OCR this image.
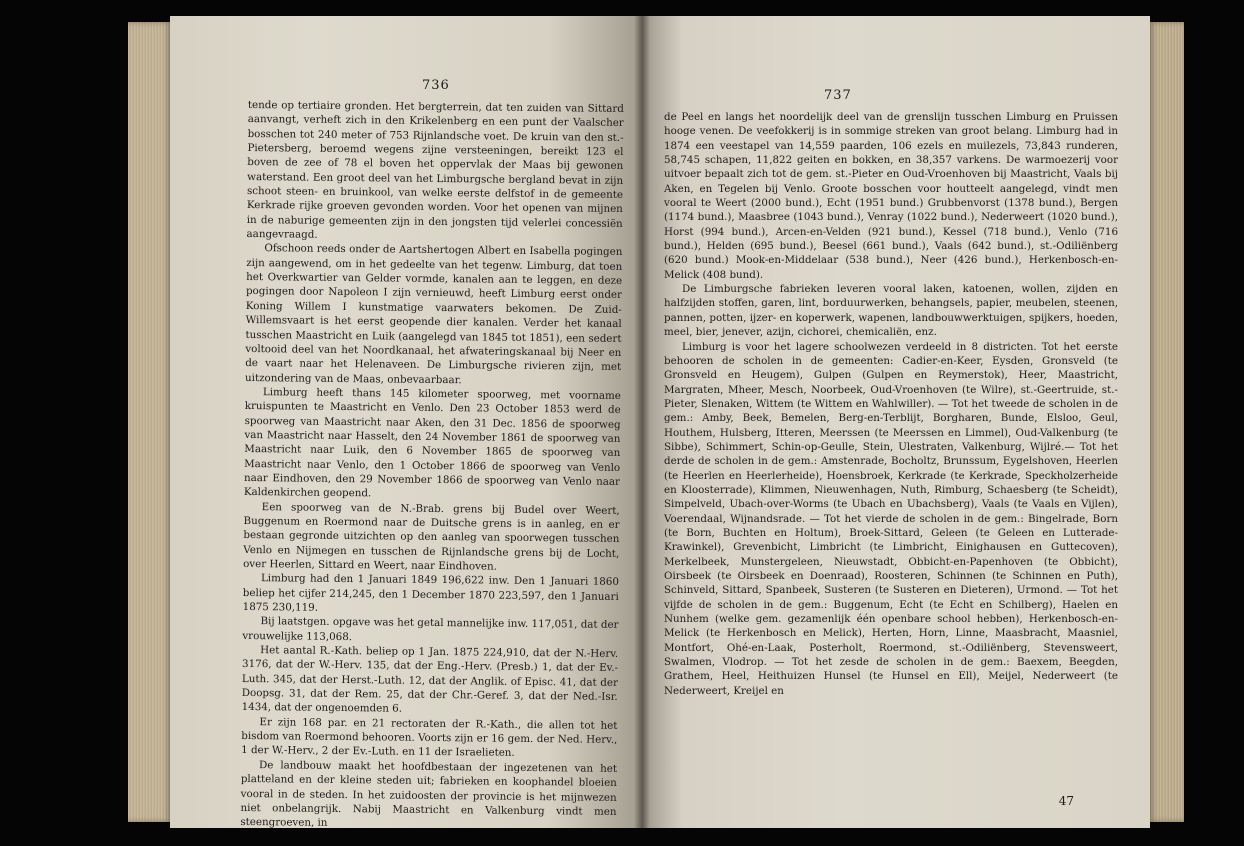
736

tende op tertiaire gronden. Het bergterrein, dat ten zuiden van Sittard aanvangt, verheft zich in den Krikelenberg en een punt der Vaalscher bosschen tot 240 meter of 753 Rijnlandsche voet. De kruin van den st.-Pietersberg, beroemd wegens zijne versteeningen, bereikt 123 el boven de zee of 78 el boven het oppervlak der Maas bij gewonen waterstand. Een groot deel van het Limburgsche bergland bevat in zijn schoot steen- en bruinkool, van welke eerste delfstof in de gemeente Kerkrade rijke groeven gevonden worden. Voor het openen van mijnen in de naburige gemeenten zijn in den jongsten tijd velerlei concessiën aangevraagd.

Ofschoon reeds onder de Aartshertogen Albert en Isabella pogingen zijn aangewend, om in het gedeelte van het tegenw. Limburg, dat toen het Overkwartier van Gelder vormde, kanalen aan te leggen, en deze pogingen door Napoleon I zijn vernieuwd, heeft Limburg eerst onder Koning Willem I kunstmatige vaarwaters bekomen. De Zuid-Willemsvaart is het eerst geopende dier kanalen. Verder het kanaal tusschen Maastricht en Luik (aangelegd van 1845 tot 1851), een sedert voltooid deel van het Noordkanaal, het afwateringskanaal bij Neer en de vaart naar het Helenaveen. De Limburgsche rivieren zijn, met uitzondering van de Maas, onbevaarbaar.

Limburg heeft thans 145 kilometer spoorweg, met voorname kruispunten te Maastricht en Venlo. Den 23 October 1853 werd de spoorweg van Maastricht naar Aken, den 31 Dec. 1856 de spoorweg van Maastricht naar Hasselt, den 24 November 1861 de spoorweg van Maastricht naar Luik, den 6 November 1865 de spoorweg van Maastricht naar Venlo, den 1 October 1866 de spoorweg van Venlo naar Eindhoven, den 29 November 1866 de spoorweg van Venlo naar Kaldenkirchen geopend.

Een spoorweg van de N.-Brab. grens bij Budel over Weert, Buggenum en Roermond naar de Duitsche grens is in aanleg, en er bestaan gegronde uitzichten op den aanleg van spoorwegen tusschen Venlo en Nijmegen en tusschen de Rijnlandsche grens bij de Locht, over Heerlen, Sittard en Weert, naar Eindhoven.

Limburg had den 1 Januari 1849 196,622 inw. Den 1 Januari 1860 beliep het cijfer 214,245, den 1 December 1870 223,597, den 1 Januari 1875 230,119.

Bij laatstgen. opgave was het getal mannelijke inw. 117,051, dat der vrouwelijke 113,068.

Het aantal R.-Kath. beliep op 1 Jan. 1875 224,910, dat der N.-Herv. 3176, dat der W.-Herv. 135, dat der Eng.-Herv. (Presb.) 1, dat der Ev.-Luth. 345, dat der Herst.-Luth. 12, dat der Anglik. of Episc. 41, dat der Doopsg. 31, dat der Rem. 25, dat der Chr.-Geref. 3, dat der Ned.-Isr. 1434, dat der ongenoemden 6.

Er zijn 168 par. en 21 rectoraten der R.-Kath., die allen tot het bisdom van Roermond behooren. Voorts zijn er 16 gem. der Ned. Herv., 1 der W.-Herv., 2 der Ev.-Luth. en 11 der Israelieten.

De landbouw maakt het hoofdbestaan der ingezetenen van het platteland en der kleine steden uit; fabrieken en koophandel bloeien vooral in de steden. In het zuidoosten der provincie is het mijnwezen niet onbelangrijk. Nabij Maastricht en Valkenburg vindt men steengroeven, in

737

de Peel en langs het noordelijk deel van de grenslijn tusschen Limburg en Pruissen hooge venen. De veefokkerij is in sommige streken van groot belang. Limburg had in 1874 een veestapel van 14,559 paarden, 106 ezels en muilezels, 73,843 runderen, 58,745 schapen, 11,822 geiten en bokken, en 38,357 varkens. De warmoezerij voor uitvoer bepaalt zich tot de gem. st.-Pieter en Oud-Vroenhoven bij Maastricht, Vaals bij Aken, en Tegelen bij Venlo. Groote bosschen voor houtteelt aangelegd, vindt men vooral te Weert (2000 bund.), Echt (1951 bund.) Grubbenvorst (1378 bund.), Bergen (1174 bund.), Maasbree (1043 bund.), Venray (1022 bund.), Nederweert (1020 bund.), Horst (994 bund.), Arcen-en-Velden (921 bund.), Kessel (718 bund.), Venlo (716 bund.), Helden (695 bund.), Beesel (661 bund.), Vaals (642 bund.), st.-Odiliënberg (620 bund.) Mook-en-Middelaar (538 bund.), Neer (426 bund.), Herkenbosch-en-Melick (408 bund).

De Limburgsche fabrieken leveren vooral laken, katoenen, wollen, zijden en halfzijden stoffen, garen, lint, borduurwerken, behangsels, papier, meubelen, steenen, pannen, potten, ijzer- en koperwerk, wapenen, landbouwwerktuigen, spijkers, hoeden, meel, bier, jenever, azijn, cichorei, chemicaliën, enz.

Limburg is voor het lagere schoolwezen verdeeld in 8 districten. Tot het eerste behooren de scholen in de gemeenten: Cadier-en-Keer, Eysden, Gronsveld (te Gronsveld en Heugem), Gulpen (Gulpen en Reymerstok), Heer, Maastricht, Margraten, Mheer, Mesch, Noorbeek, Oud-Vroenhoven (te Wilre), st.-Geertruide, st.-Pieter, Slenaken, Wittem (te Wittem en Wahlwiller). — Tot het tweede de scholen in de gem.: Amby, Beek, Bemelen, Berg-en-Terblijt, Borgharen, Bunde, Elsloo, Geul, Houthem, Hulsberg, Itteren, Meerssen (te Meerssen en Limmel), Oud-Valkenburg (te Sibbe), Schimmert, Schin-op-Geulle, Stein, Ulestraten, Valkenburg, Wijlré.— Tot het derde de scholen in de gem.: Amstenrade, Bocholtz, Brunssum, Eygelshoven, Heerlen (te Heerlen en Heerlerheide), Hoensbroek, Kerkrade (te Kerkrade, Speckholzerheide en Kloosterrade), Klimmen, Nieuwenhagen, Nuth, Rimburg, Schaesberg (te Scheidt), Simpelveld, Ubach-over-Worms (te Ubach en Ubachsberg), Vaals (te Vaals en Vijlen), Voerendaal, Wijnandsrade. — Tot het vierde de scholen in de gem.: Bingelrade, Born (te Born, Buchten en Holtum), Broek-Sittard, Geleen (te Geleen en Lutterade-Krawinkel), Grevenbicht, Limbricht (te Limbricht, Einighausen en Guttecoven), Merkelbeek, Munstergeleen, Nieuwstadt, Obbicht-en-Papenhoven (te Obbicht), Oirsbeek (te Oirsbeek en Doenraad), Roosteren, Schinnen (te Schinnen en Puth), Schinveld, Sittard, Spanbeek, Susteren (te Susteren en Dieteren), Urmond. — Tot het vijfde de scholen in de gem.: Buggenum, Echt (te Echt en Schilberg), Haelen en Nunhem (welke gem. gezamenlijk één openbare school hebben), Herkenbosch-en-Melick (te Herkenbosch en Melick), Herten, Horn, Linne, Maasbracht, Maasniel, Montfort, Ohé-en-Laak, Posterholt, Roermond, st.-Odiliënberg, Stevensweert, Swalmen, Vlodrop. — Tot het zesde de scholen in de gem.: Baexem, Beegden, Grathem, Heel, Heithuizen Hunsel (te Hunsel en Ell), Meijel, Nederweert (te Nederweert, Kreijel en

47
